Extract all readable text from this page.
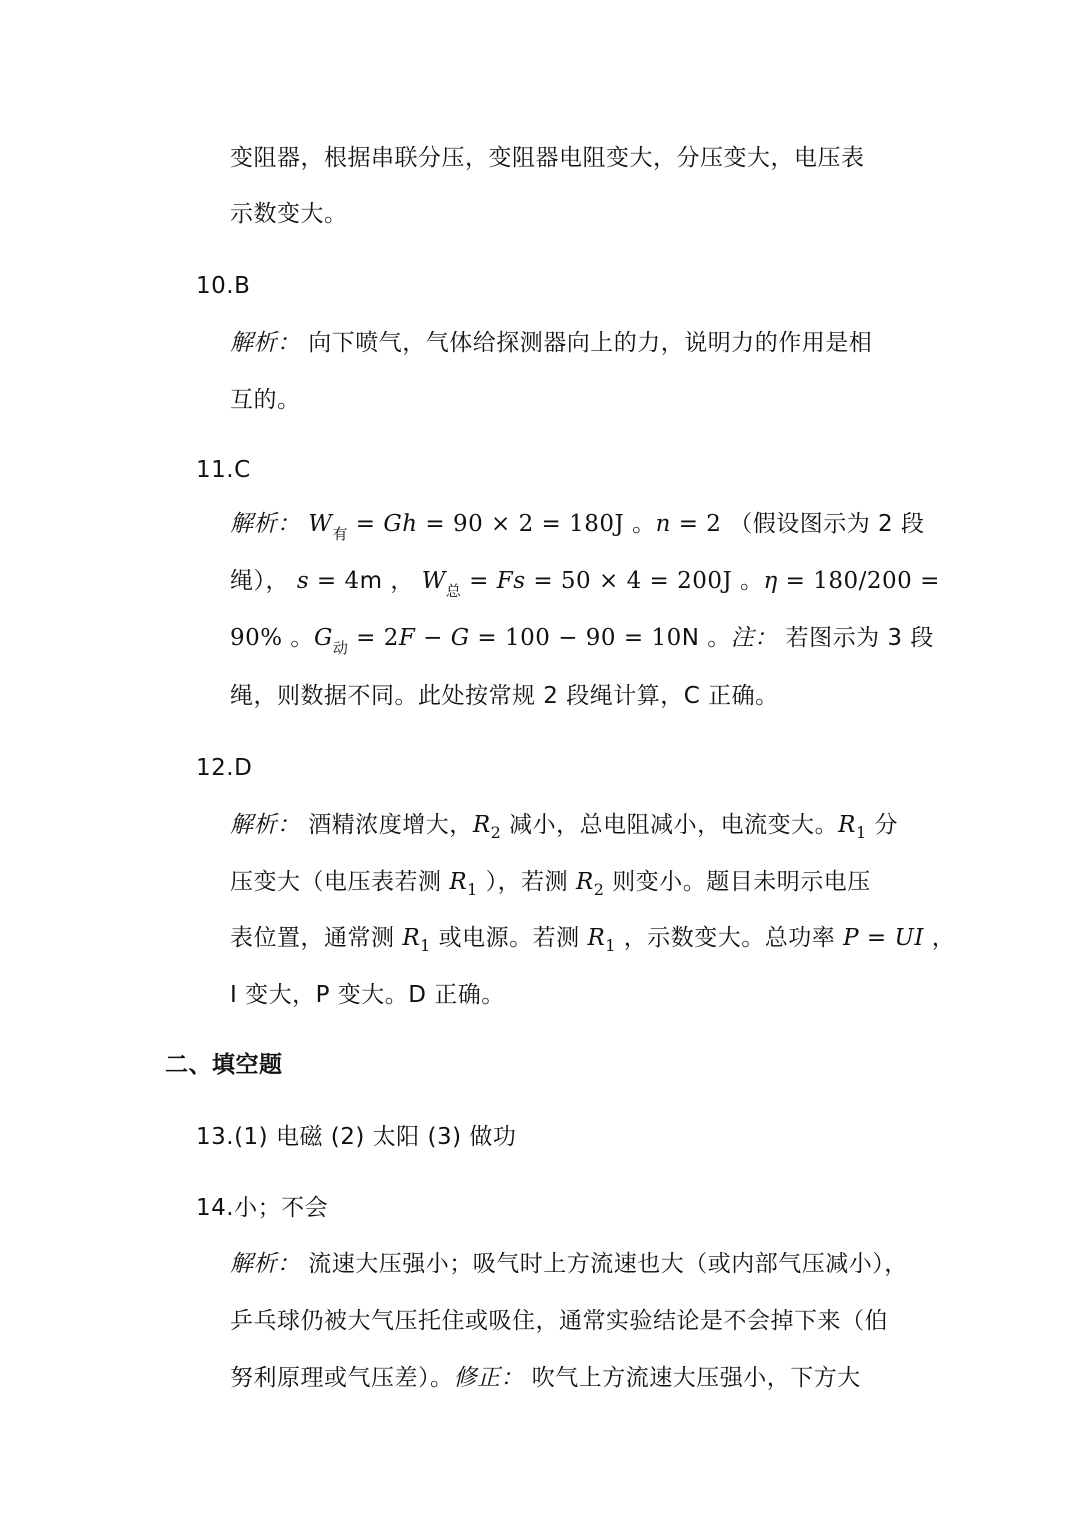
变阻器，根据串联分压，变阻器电阻变大，分压变大，电压表
示数变大。
10.B
解析： 向下喷气，气体给探测器向上的力，说明力的作用是相
互的。
11.C
解析： $W_有 = Gh = 90 \times 2 = 180J$ 。n = 2 （假设图示为 2 段
绳）， s = 4m ， $W_总 = Fs = 50 \times 4 = 200J$ 。η = 180/200 =
90% 。$G_动 = 2F - G = 100 - 90 = 10N$ 。注： 若图示为 3 段
绳，则数据不同。此处按常规 2 段绳计算，C 正确。
12.D
解析： 酒精浓度增大，$R_2$ 减小，总电阻减小，电流变大。$R_1$ 分
压变大（电压表若测 $R_1$ ），若测 $R_2$ 则变小。题目未明示电压
表位置，通常测 $R_1$ 或电源。若测 $R_1$ ，示数变大。总功率 P = UI ，
I 变大，P 变大。D 正确。
二、填空题
13.(1) 电磁 (2) 太阳 (3) 做功
14.小；不会
解析： 流速大压强小；吸气时上方流速也大（或内部气压减小），
乒乓球仍被大气压托住或吸住，通常实验结论是不会掉下来（伯
努利原理或气压差）。修正： 吹气上方流速大压强小，下方大
